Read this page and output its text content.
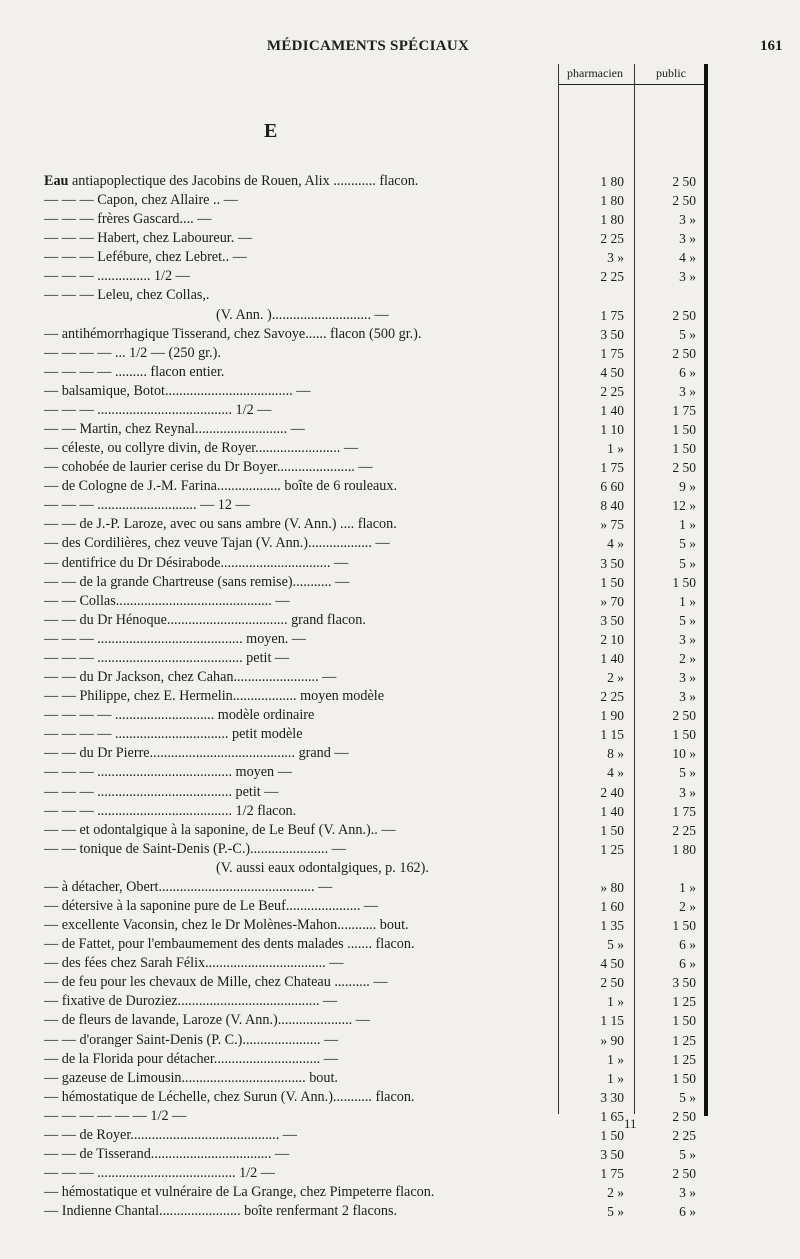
MÉDICAMENTS SPÉCIAUX	161
pharmacien	public
E
Eau antiapoplectique des Jacobins de Rouen, Alix ............ flacon.	1 80	2 50
— — — Capon, chez Allaire .. —	1 80	2 50
— — — frères Gascard.... —	1 80	3 »
— — — Habert, chez Laboureur. —	2 25	3 »
— — — Lefébure, chez Lebret.. —	3 »	4 »
— — — ............... 1/2 —	2 25	3 »
— — — Leleu, chez Collas,.
(V. Ann. )............................ —	1 75	2 50
— antihémorrhagique Tisserand, chez Savoye...... flacon (500 gr.).	3 50	5 »
— — — — ... 1/2 — (250 gr.).	1 75	2 50
— — — — ......... flacon entier.	4 50	6 »
— balsamique, Botot.................................... —	2 25	3 »
— — — ...................................... 1/2 —	1 40	1 75
— — Martin, chez Reynal.......................... —	1 10	1 50
— céleste, ou collyre divin, de Royer........................ —	1 »	1 50
— cohobée de laurier cerise du Dr Boyer...................... —	1 75	2 50
— de Cologne de J.-M. Farina.................. boîte de 6 rouleaux.	6 60	9 »
— — — ............................ — 12 —	8 40	12 »
— — de J.-P. Laroze, avec ou sans ambre (V. Ann.) .... flacon.	» 75	1 »
— des Cordilières, chez veuve Tajan (V. Ann.).................. —	4 »	5 »
— dentifrice du Dr Désirabode............................... —	3 50	5 »
— — de la grande Chartreuse (sans remise)........... —	1 50	1 50
— — Collas............................................ —	» 70	1 »
— — du Dr Hénoque.................................. grand flacon.	3 50	5 »
— — — ......................................... moyen. —	2 10	3 »
— — — ......................................... petit —	1 40	2 »
— — du Dr Jackson, chez Cahan........................ —	2 »	3 »
— — Philippe, chez E. Hermelin.................. moyen modèle	2 25	3 »
— — — — ............................ modèle ordinaire	1 90	2 50
— — — — ................................ petit modèle	1 15	1 50
— — du Dr Pierre......................................... grand —	8 »	10 »
— — — ...................................... moyen —	4 »	5 »
— — — ...................................... petit —	2 40	3 »
— — — ...................................... 1/2 flacon.	1 40	1 75
— — et odontalgique à la saponine, de Le Beuf (V. Ann.).. —	1 50	2 25
— — tonique de Saint-Denis (P.-C.)...................... —	1 25	1 80
(V. aussi eaux odontalgiques, p. 162).
— à détacher, Obert............................................ —	» 80	1 »
— détersive à la saponine pure de Le Beuf..................... —	1 60	2 »
— excellente Vaconsin, chez le Dr Molènes-Mahon........... bout.	1 35	1 50
— de Fattet, pour l'embaumement des dents malades ....... flacon.	5 »	6 »
— des fées chez Sarah Félix.................................. —	4 50	6 »
— de feu pour les chevaux de Mille, chez Chateau .......... —	2 50	3 50
— fixative de Duroziez........................................ —	1 »	1 25
— de fleurs de lavande, Laroze (V. Ann.)..................... —	1 15	1 50
— — d'oranger Saint-Denis (P. C.)...................... —	» 90	1 25
— de la Florida pour détacher.............................. —	1 »	1 25
— gazeuse de Limousin................................... bout.	1 »	1 50
— hémostatique de Léchelle, chez Surun (V. Ann.)........... flacon.	3 30	5 »
— — — — — — 1/2 —	1 65	2 50
— — de Royer.......................................... —	1 50	2 25
— — de Tisserand.................................. —	3 50	5 »
— — — ....................................... 1/2 —	1 75	2 50
— hémostatique et vulnéraire de La Grange, chez Pimpeterre flacon.	2 »	3 »
— Indienne Chantal....................... boîte renfermant 2 flacons.	5 »	6 »
11
